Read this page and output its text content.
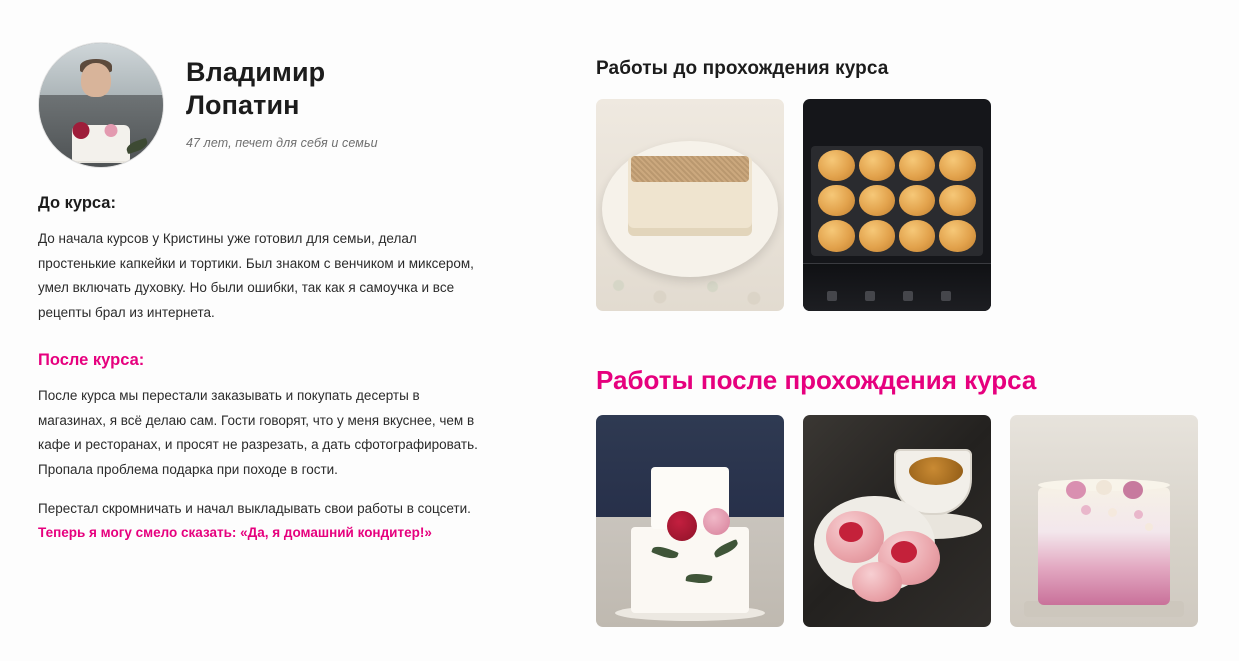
Владимир Лопатин
47 лет, печет для себя и семьи
До курса:

До начала курсов у Кристины уже готовил для семьи, делал простенькие капкейки и тортики. Был знаком с венчиком и миксером, умел включать духовку. Но были ошибки, так как я самоучка и все рецепты брал из интернета.

После курса:

После курса мы перестали заказывать и покупать десерты в магазинах, я всё делаю сам. Гости говорят, что у меня вкуснее, чем в кафе и ресторанах, и просят не разрезать, а дать сфотографировать. Пропала проблема подарка при походе в гости.

Перестал скромничать и начал выкладывать свои работы в соцсети. Теперь я могу смело сказать: «Да, я домашний кондитер!»

Работы до прохождения курса
Работы после прохождения курса
